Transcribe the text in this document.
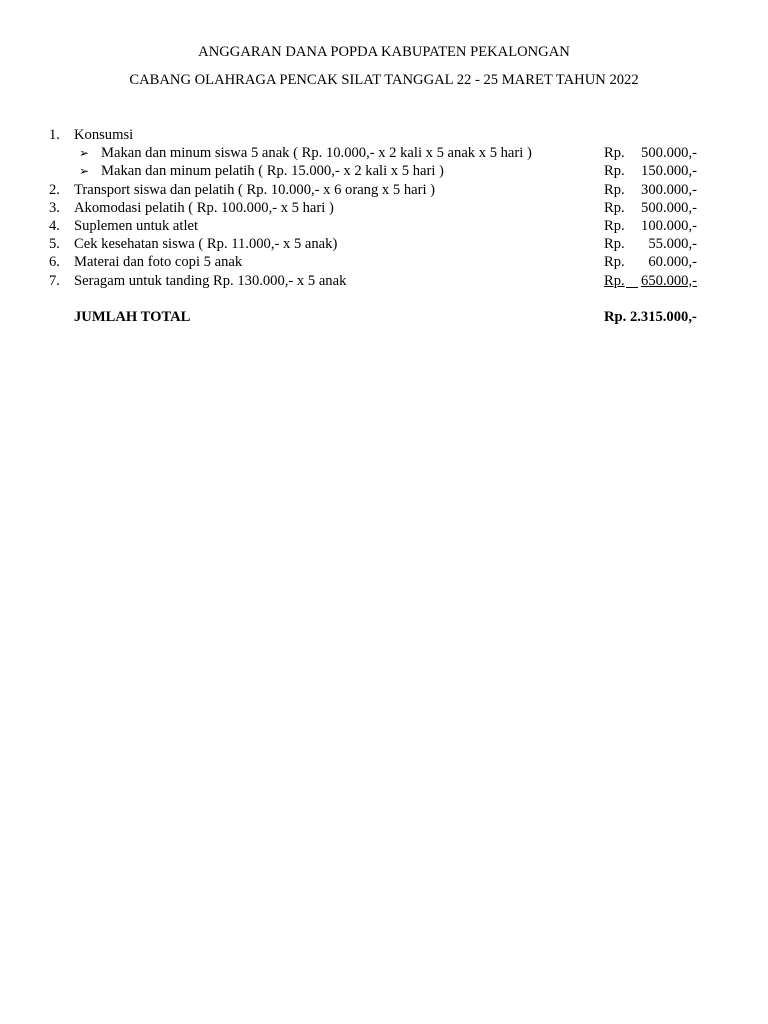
ANGGARAN DANA POPDA KABUPATEN PEKALONGAN
CABANG OLAHRAGA PENCAK SILAT TANGGAL 22 - 25 MARET TAHUN 2022
1. Konsumsi
➢ Makan dan minum siswa 5 anak ( Rp. 10.000,- x 2 kali x 5 anak x 5 hari )	Rp. 500.000,-
➢ Makan dan minum pelatih ( Rp. 15.000,- x 2 kali x 5 hari )	Rp. 150.000,-
2. Transport siswa dan pelatih ( Rp. 10.000,- x 6 orang x 5 hari )	Rp. 300.000,-
3. Akomodasi pelatih ( Rp. 100.000,- x 5 hari )	Rp. 500.000,-
4. Suplemen untuk atlet	Rp. 100.000,-
5. Cek kesehatan siswa ( Rp. 11.000,- x 5 anak)	Rp. 55.000,-
6. Materai dan foto copi 5 anak	Rp. 60.000,-
7. Seragam untuk tanding Rp. 130.000,- x 5 anak	Rp. 650.000,-
JUMLAH TOTAL	Rp. 2.315.000,-
